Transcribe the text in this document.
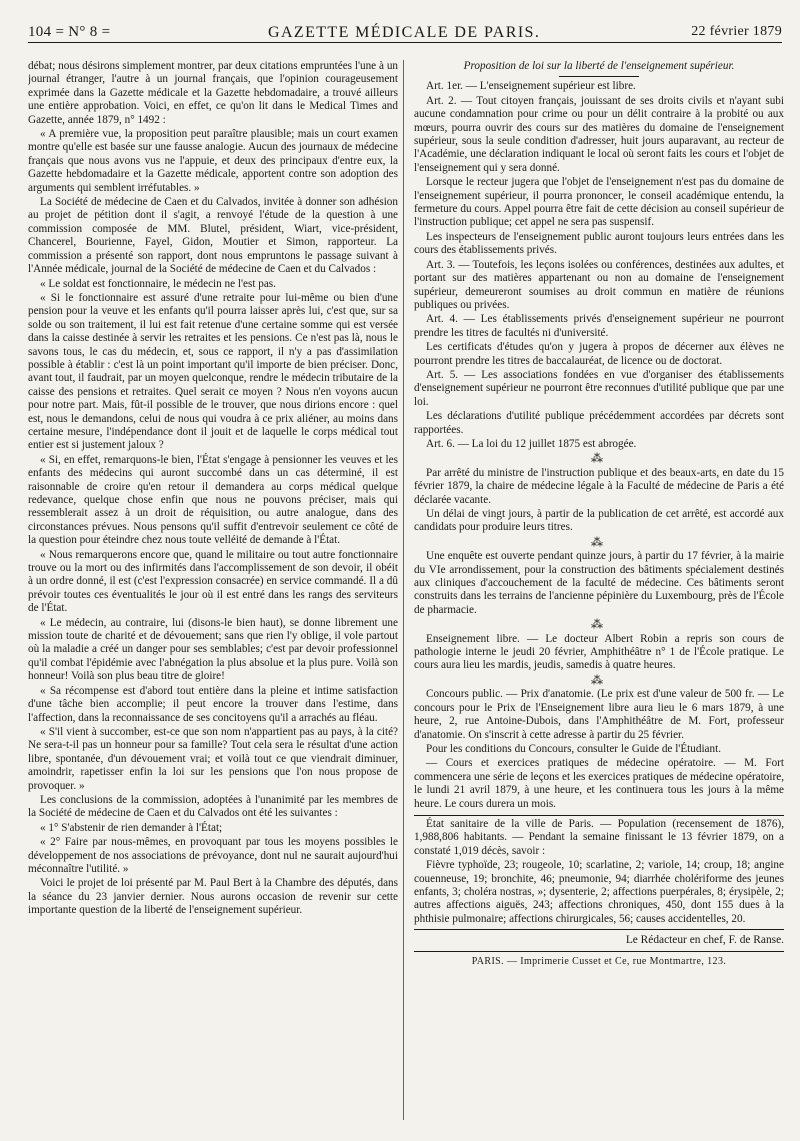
104 = N° 8 =	GAZETTE MÉDICALE DE PARIS.	22 février 1879

débat; nous désirons simplement montrer, par deux citations empruntées l'une à un journal étranger, l'autre à un journal français, que l'opinion courageusement exprimée dans la Gazette médicale et la Gazette hebdomadaire, a trouvé ailleurs une entière approbation. Voici, en effet, ce qu'on lit dans le Medical Times and Gazette, année 1879, n° 1492 :

« A première vue, la proposition peut paraître plausible; mais un court examen montre qu'elle est basée sur une fausse analogie. Aucun des journaux de médecine français que nous avons vus ne l'appuie, et deux des principaux d'entre eux, la Gazette hebdomadaire et la Gazette médicale, apportent contre son adoption des arguments qui semblent irréfutables. »

La Société de médecine de Caen et du Calvados, invitée à donner son adhésion au projet de pétition dont il s'agit, a renvoyé l'étude de la question à une commission composée de MM. Blutel, président, Wiart, vice-président, Chancerel, Bourienne, Fayel, Gidon, Moutier et Simon, rapporteur. La commission a présenté son rapport, dont nous empruntons le passage suivant à l'Année médicale, journal de la Société de médecine de Caen et du Calvados :

« Le soldat est fonctionnaire, le médecin ne l'est pas.

« Si le fonctionnaire est assuré d'une retraite pour lui-même ou bien d'une pension pour la veuve et les enfants qu'il pourra laisser après lui, c'est que, sur sa solde ou son traitement, il lui est fait retenue d'une certaine somme qui est versée dans la caisse destinée à servir les retraites et les pensions. Ce n'est pas là, nous le savons tous, le cas du médecin, et, sous ce rapport, il n'y a pas d'assimilation possible à établir : c'est là un point important qu'il importe de bien préciser. Donc, avant tout, il faudrait, par un moyen quelconque, rendre le médecin tributaire de la caisse des pensions et retraites. Quel serait ce moyen ? Nous n'en voyons aucun pour notre part. Mais, fût-il possible de le trouver, que nous dirions encore : quel est, nous le demandons, celui de nous qui voudra à ce prix aliéner, au moins dans certaine mesure, l'indépendance dont il jouit et de laquelle le corps médical tout entier est si justement jaloux ?

« Si, en effet, remarquons-le bien, l'État s'engage à pensionner les veuves et les enfants des médecins qui auront succombé dans un cas déterminé, il est raisonnable de croire qu'en retour il demandera au corps médical quelque redevance, quelque chose enfin que nous ne pouvons préciser, mais qui ressemblerait assez à un droit de réquisition, ou autre analogue, dans des circonstances prévues. Nous pensons qu'il suffit d'entrevoir seulement ce côté de la question pour éteindre chez nous toute velléité de demande à l'État.

« Nous remarquerons encore que, quand le militaire ou tout autre fonctionnaire trouve ou la mort ou des infirmités dans l'accomplissement de son devoir, il obéit à un ordre donné, il est (c'est l'expression consacrée) en service commandé. Il a dû prévoir toutes ces éventualités le jour où il est entré dans les rangs des serviteurs de l'État.

« Le médecin, au contraire, lui (disons-le bien haut), se donne librement une mission toute de charité et de dévouement; sans que rien l'y oblige, il vole partout où la maladie a créé un danger pour ses semblables; c'est par devoir professionnel qu'il combat l'épidémie avec l'abnégation la plus absolue et la plus pure. Voilà son honneur! Voilà son plus beau titre de gloire!

« Sa récompense est d'abord tout entière dans la pleine et intime satisfaction d'une tâche bien accomplie; il peut encore la trouver dans l'estime, dans l'affection, dans la reconnaissance de ses concitoyens qu'il a arrachés au fléau.

« S'il vient à succomber, est-ce que son nom n'appartient pas au pays, à la cité? Ne sera-t-il pas un honneur pour sa famille? Tout cela sera le résultat d'une action libre, spontanée, d'un dévouement vrai; et voilà tout ce que viendrait diminuer, amoindrir, rapetisser enfin la loi sur les pensions que l'on nous propose de provoquer. »

Les conclusions de la commission, adoptées à l'unanimité par les membres de la Société de médecine de Caen et du Calvados ont été les suivantes :

« 1° S'abstenir de rien demander à l'État;

« 2° Faire par nous-mêmes, en provoquant par tous les moyens possibles le développement de nos associations de prévoyance, dont nul ne saurait aujourd'hui méconnaître l'utilité. »

Voici le projet de loi présenté par M. Paul Bert à la Chambre des députés, dans la séance du 23 janvier dernier. Nous aurons occasion de revenir sur cette importante question de la liberté de l'enseignement supérieur.

Proposition de loi sur la liberté de l'enseignement supérieur.

Art. 1er. — L'enseignement supérieur est libre.

Art. 2. — Tout citoyen français, jouissant de ses droits civils et n'ayant subi aucune condamnation pour crime ou pour un délit contraire à la probité ou aux mœurs, pourra ouvrir des cours sur des matières du domaine de l'enseignement supérieur, sous la seule condition d'adresser, huit jours auparavant, au recteur de l'Académie, une déclaration indiquant le local où seront faits les cours et l'objet de l'enseignement qui y sera donné.

Lorsque le recteur jugera que l'objet de l'enseignement n'est pas du domaine de l'enseignement supérieur, il pourra prononcer, le conseil académique entendu, la fermeture du cours. Appel pourra être fait de cette décision au conseil supérieur de l'instruction publique; cet appel ne sera pas suspensif.

Les inspecteurs de l'enseignement public auront toujours leurs entrées dans les cours des établissements privés.

Art. 3. — Toutefois, les leçons isolées ou conférences, destinées aux adultes, et portant sur des matières appartenant ou non au domaine de l'enseignement supérieur, demeureront soumises au droit commun en matière de réunions publiques ou privées.

Art. 4. — Les établissements privés d'enseignement supérieur ne pourront prendre les titres de facultés ni d'université.

Les certificats d'études qu'on y jugera à propos de décerner aux élèves ne pourront prendre les titres de baccalauréat, de licence ou de doctorat.

Art. 5. — Les associations fondées en vue d'organiser des établissements d'enseignement supérieur ne pourront être reconnues d'utilité publique que par une loi.

Les déclarations d'utilité publique précédemment accordées par décrets sont rapportées.

Art. 6. — La loi du 12 juillet 1875 est abrogée.

⁂

Par arrêté du ministre de l'instruction publique et des beaux-arts, en date du 15 février 1879, la chaire de médecine légale à la Faculté de médecine de Paris a été déclarée vacante.

Un délai de vingt jours, à partir de la publication de cet arrêté, est accordé aux candidats pour produire leurs titres.

⁂

Une enquête est ouverte pendant quinze jours, à partir du 17 février, à la mairie du VIe arrondissement, pour la construction des bâtiments spécialement destinés aux cliniques d'accouchement de la faculté de médecine. Ces bâtiments seront construits dans les terrains de l'ancienne pépinière du Luxembourg, près de l'École de pharmacie.

⁂

Enseignement libre. — Le docteur Albert Robin a repris son cours de pathologie interne le jeudi 20 février, Amphithéâtre n° 1 de l'École pratique. Le cours aura lieu les mardis, jeudis, samedis à quatre heures.

⁂

Concours public. — Prix d'anatomie. (Le prix est d'une valeur de 500 fr. — Le concours pour le Prix de l'Enseignement libre aura lieu le 6 mars 1879, à une heure, 2, rue Antoine-Dubois, dans l'Amphithéâtre de M. Fort, professeur d'anatomie. On s'inscrit à cette adresse à partir du 25 février.

Pour les conditions du Concours, consulter le Guide de l'Étudiant.

— Cours et exercices pratiques de médecine opératoire. — M. Fort commencera une série de leçons et les exercices pratiques de médecine opératoire, le lundi 21 avril 1879, à une heure, et les continuera tous les jours à la même heure. Le cours durera un mois.

État sanitaire de la ville de Paris. — Population (recensement de 1876), 1,988,806 habitants. — Pendant la semaine finissant le 13 février 1879, on a constaté 1,019 décès, savoir :

Fièvre typhoïde, 23; rougeole, 10; scarlatine, 2; variole, 14; croup, 18; angine couenneuse, 19; bronchite, 46; pneumonie, 94; diarrhée cholériforme des jeunes enfants, 3; choléra nostras, »; dysenterie, 2; affections puerpérales, 8; érysipèle, 2; autres affections aiguës, 243; affections chroniques, 450, dont 155 dues à la phthisie pulmonaire; affections chirurgicales, 56; causes accidentelles, 20.

Le Rédacteur en chef, F. de Ranse.

PARIS. — Imprimerie Cusset et Ce, rue Montmartre, 123.
